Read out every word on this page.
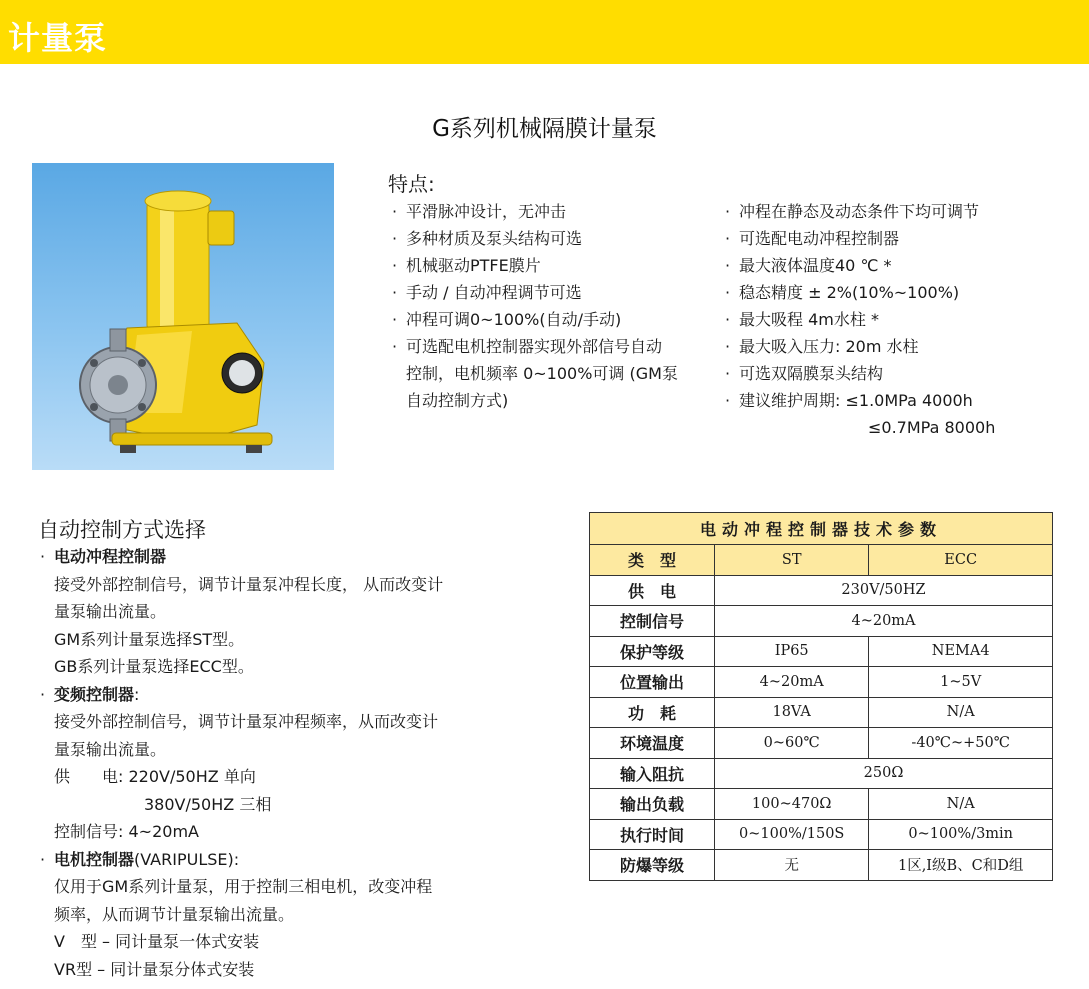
计量泵
G系列机械隔膜计量泵
特点:
· 平滑脉冲设计，无冲击
· 多种材质及泵头结构可选
· 机械驱动PTFE膜片
· 手动 / 自动冲程调节可选
· 冲程可调0~100%(自动/手动)
· 可选配电机控制器实现外部信号自动
控制，电机频率 0~100%可调 (GM泵
自动控制方式)
· 冲程在静态及动态条件下均可调节
· 可选配电动冲程控制器
· 最大液体温度40 ℃ *
· 稳态精度 ± 2%(10%~100%)
· 最大吸程 4m水柱 *
· 最大吸入压力: 20m 水柱
· 可选双隔膜泵头结构
· 建议维护周期: ≤1.0MPa 4000h
≤0.7MPa 8000h
自动控制方式选择
· 电动冲程控制器
接受外部控制信号，调节计量泵冲程长度， 从而改变计
量泵输出流量。
GM系列计量泵选择ST型。
GB系列计量泵选择ECC型。
· 变频控制器:
接受外部控制信号，调节计量泵冲程频率，从而改变计
量泵输出流量。
供　　电: 220V/50HZ 单向
380V/50HZ 三相
控制信号: 4~20mA
· 电机控制器(VARIPULSE):
仅用于GM系列计量泵，用于控制三相电机，改变冲程
频率，从而调节计量泵输出流量。
V　型 – 同计量泵一体式安装
VR型 – 同计量泵分体式安装
电动冲程控制器技术参数		
类　型	ST	ECC
供　电	230V/50HZ	
控制信号	4~20mA	
保护等级	IP65	NEMA4
位置输出	4~20mA	1~5V
功　耗	18VA	N/A
环境温度	0~60℃	-40℃~+50℃
输入阻抗	250Ω	
输出负载	100~470Ω	N/A
执行时间	0~100%/150S	0~100%/3min
防爆等级	无	1区,I级B、C和D组
